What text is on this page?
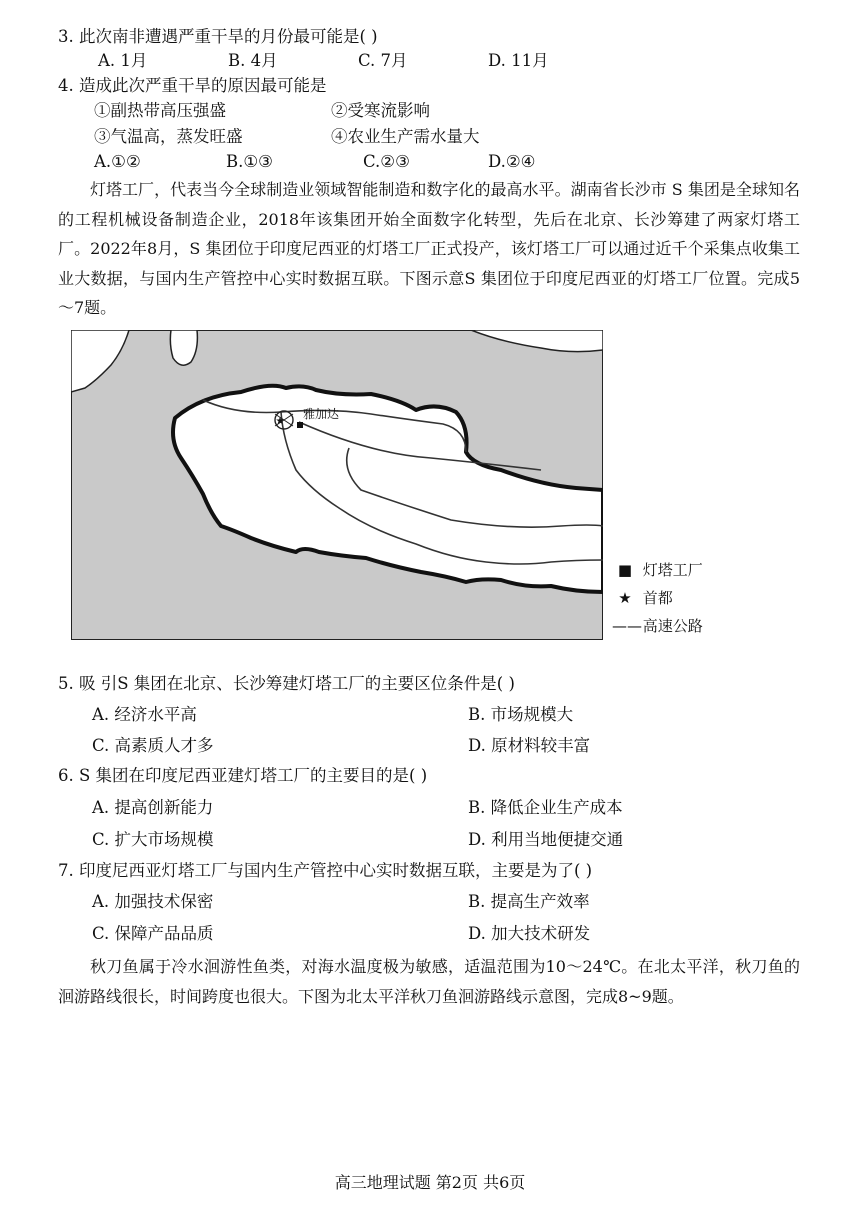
3. 此次南非遭遇严重干旱的月份最可能是( )
A. 1月	B. 4月	C. 7月	D. 11月
4. 造成此次严重干旱的原因最可能是
①副热带高压强盛	②受寒流影响
③气温高，蒸发旺盛	④农业生产需水量大
A.①②	B.①③	C.②③	D.②④
灯塔工厂，代表当今全球制造业领域智能制造和数字化的最高水平。湖南省长沙市 S 集团是全球知名的工程机械设备制造企业，2018年该集团开始全面数字化转型，先后在北京、长沙筹建了两家灯塔工厂。2022年8月，S 集团位于印度尼西亚的灯塔工厂正式投产，该灯塔工厂可以通过近千个采集点收集工业大数据，与国内生产管控中心实时数据互联。下图示意S 集团位于印度尼西亚的灯塔工厂位置。完成5～7题。
★
雅加达
■ 灯塔工厂
★ 首都
—— 高速公路
5. 吸 引S 集团在北京、长沙筹建灯塔工厂的主要区位条件是( )
A. 经济水平高	B. 市场规模大
C. 高素质人才多	D. 原材料较丰富
6. S 集团在印度尼西亚建灯塔工厂的主要目的是( )
A. 提高创新能力	B. 降低企业生产成本
C. 扩大市场规模	D. 利用当地便捷交通
7. 印度尼西亚灯塔工厂与国内生产管控中心实时数据互联，主要是为了( )
A. 加强技术保密	B. 提高生产效率
C. 保障产品品质	D. 加大技术研发
秋刀鱼属于冷水洄游性鱼类，对海水温度极为敏感，适温范围为10～24℃。在北太平洋，秋刀鱼的洄游路线很长，时间跨度也很大。下图为北太平洋秋刀鱼洄游路线示意图，完成8~9题。
高三地理试题 第2页 共6页
